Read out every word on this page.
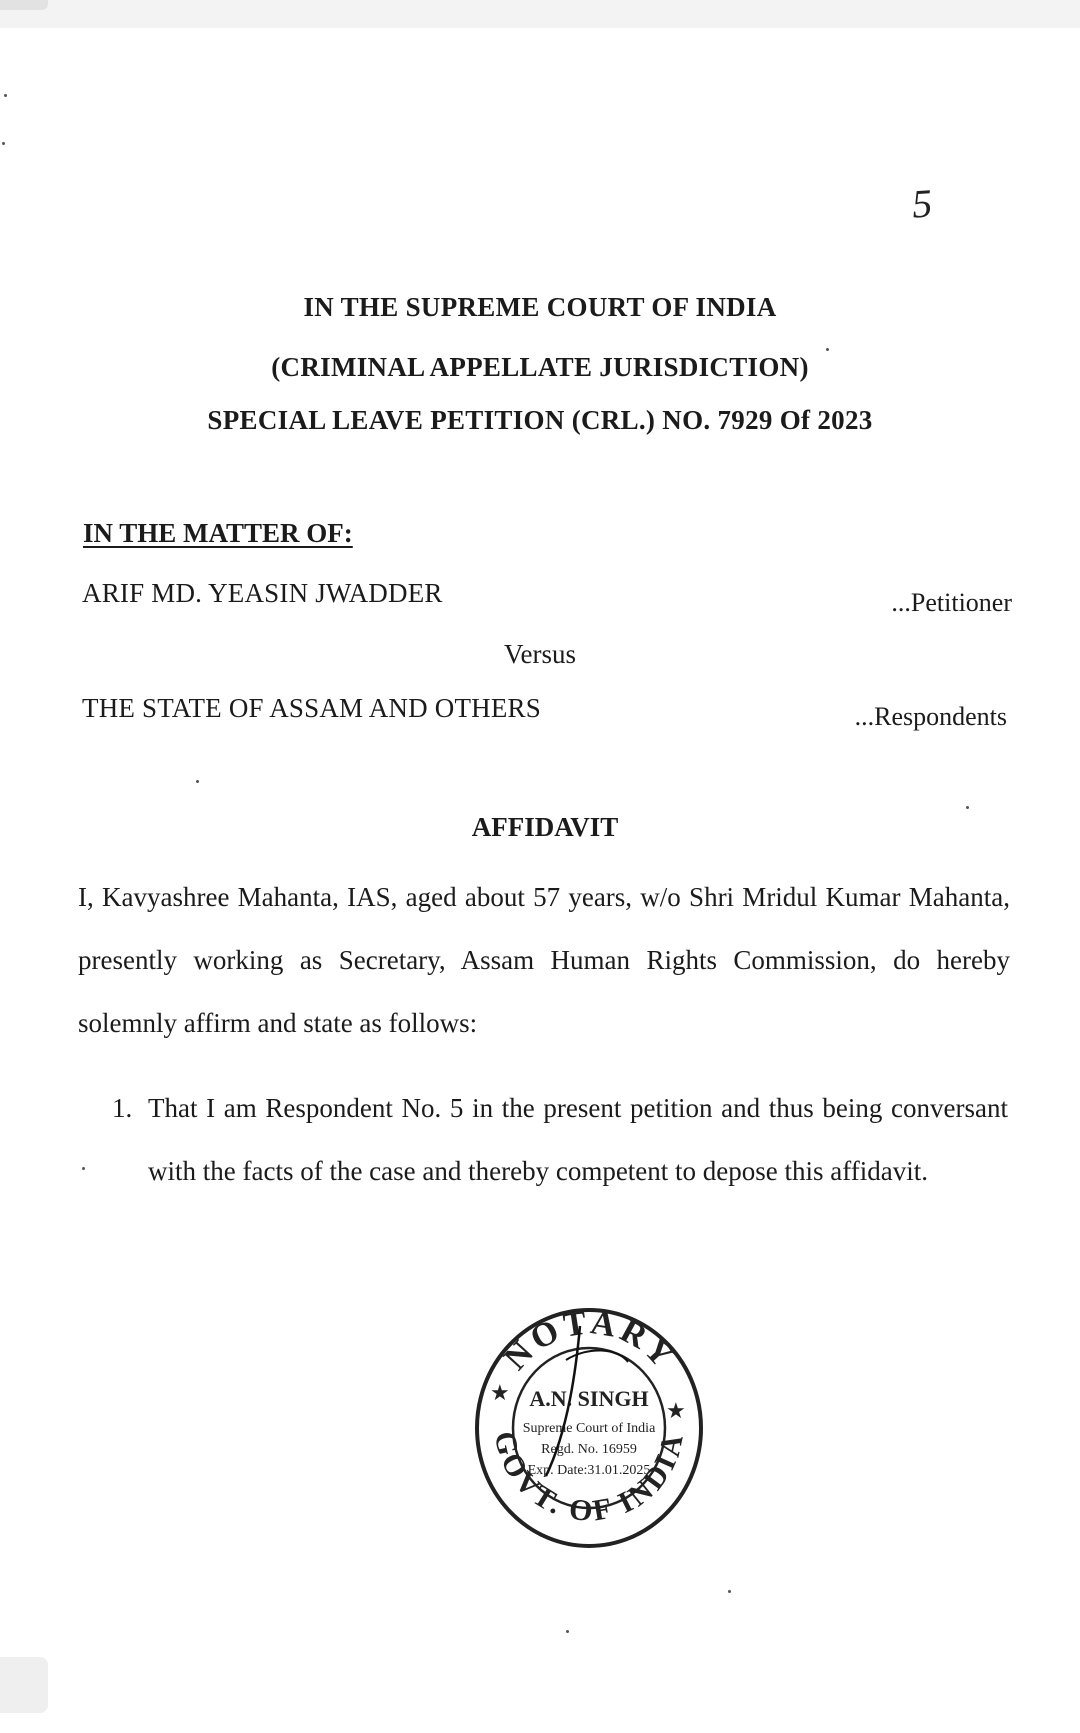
5
IN THE SUPREME COURT OF INDIA
(CRIMINAL APPELLATE JURISDICTION)
SPECIAL LEAVE PETITION (CRL.) NO. 7929 Of 2023
IN THE MATTER OF:
ARIF MD. YEASIN JWADDER	...Petitioner
Versus
THE STATE OF ASSAM AND OTHERS	...Respondents
AFFIDAVIT
I, Kavyashree Mahanta, IAS, aged about 57 years, w/o Shri Mridul Kumar Mahanta, presently working as Secretary, Assam Human Rights Commission, do hereby solemnly affirm and state as follows:
1. That I am Respondent No. 5 in the present petition and thus being conversant with the facts of the case and thereby competent to depose this affidavit.
NOTARY
GOVT. OF INDIA
★
★
A.N. SINGH
Supreme Court of India
Regd. No. 16959
Exp. Date:31.01.2025
